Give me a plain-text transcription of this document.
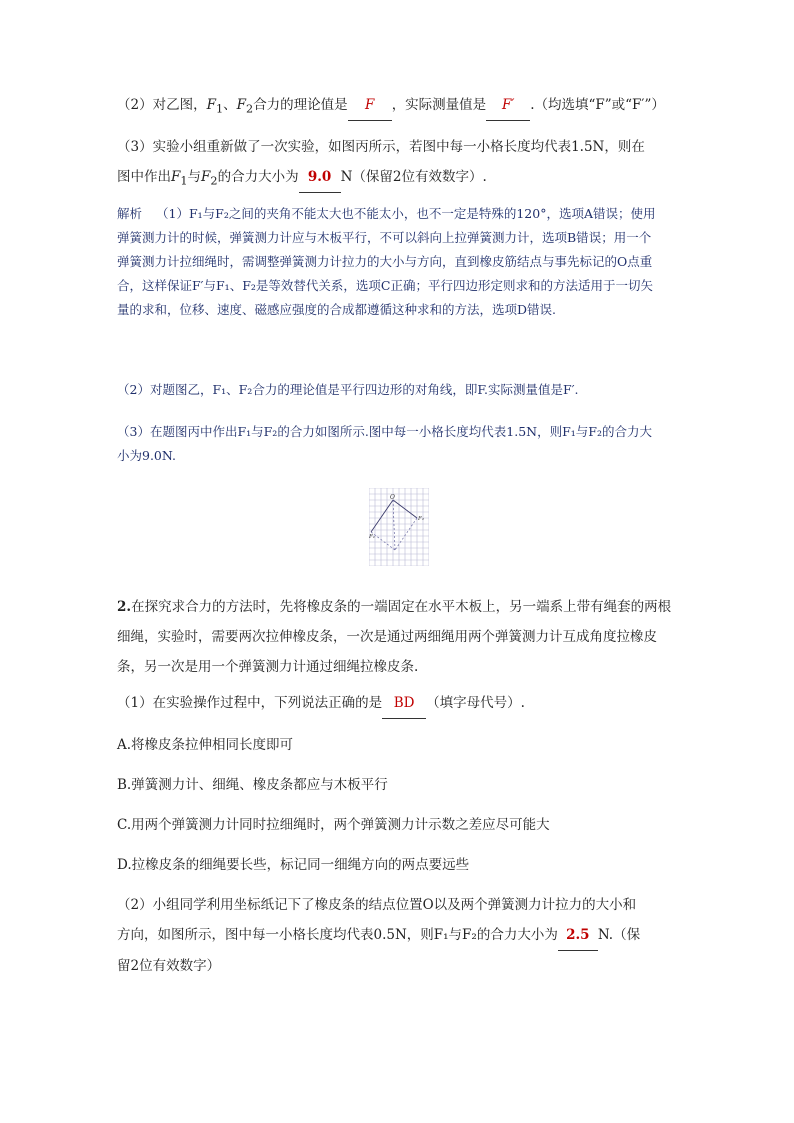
（2）对乙图，$F_1$、$F_2$合力的理论值是 F ，实际测量值是 F′ .（均选填“F”或“F′”）
（3）实验小组重新做了一次实验，如图丙所示，若图中每一小格长度均代表1.5N，则在
图中作出$F_1$与$F_2$的合力大小为 9.0 N（保留2位有效数字）.
解析 （1）F₁与F₂之间的夹角不能太大也不能太小，也不一定是特殊的120°，选项A错误；使用弹簧测力计的时候，弹簧测力计应与木板平行，不可以斜向上拉弹簧测力计，选项B错误；用一个弹簧测力计拉细绳时，需调整弹簧测力计拉力的大小与方向，直到橡皮筋结点与事先标记的O点重合，这样保证F′与F₁、F₂是等效替代关系，选项C正确；平行四边形定则求和的方法适用于一切矢量的求和，位移、速度、磁感应强度的合成都遵循这种求和的方法，选项D错误.
（2）对题图乙，F₁、F₂合力的理论值是平行四边形的对角线，即F.实际测量值是F′.
（3）在题图丙中作出F₁与F₂的合力如图所示.图中每一小格长度均代表1.5N，则F₁与F₂的合力大小为9.0N.
O
F₁
F₂
2.在探究求合力的方法时，先将橡皮条的一端固定在水平木板上，另一端系上带有绳套的两根细绳，实验时，需要两次拉伸橡皮条，一次是通过两细绳用两个弹簧测力计互成角度拉橡皮条，另一次是用一个弹簧测力计通过细绳拉橡皮条.
（1）在实验操作过程中，下列说法正确的是 BD （填字母代号）.
A.将橡皮条拉伸相同长度即可
B.弹簧测力计、细绳、橡皮条都应与木板平行
C.用两个弹簧测力计同时拉细绳时，两个弹簧测力计示数之差应尽可能大
D.拉橡皮条的细绳要长些，标记同一细绳方向的两点要远些
（2）小组同学利用坐标纸记下了橡皮条的结点位置O以及两个弹簧测力计拉力的大小和
方向，如图所示，图中每一小格长度均代表0.5N，则F₁与F₂的合力大小为 2.5 N.（保
留2位有效数字）
